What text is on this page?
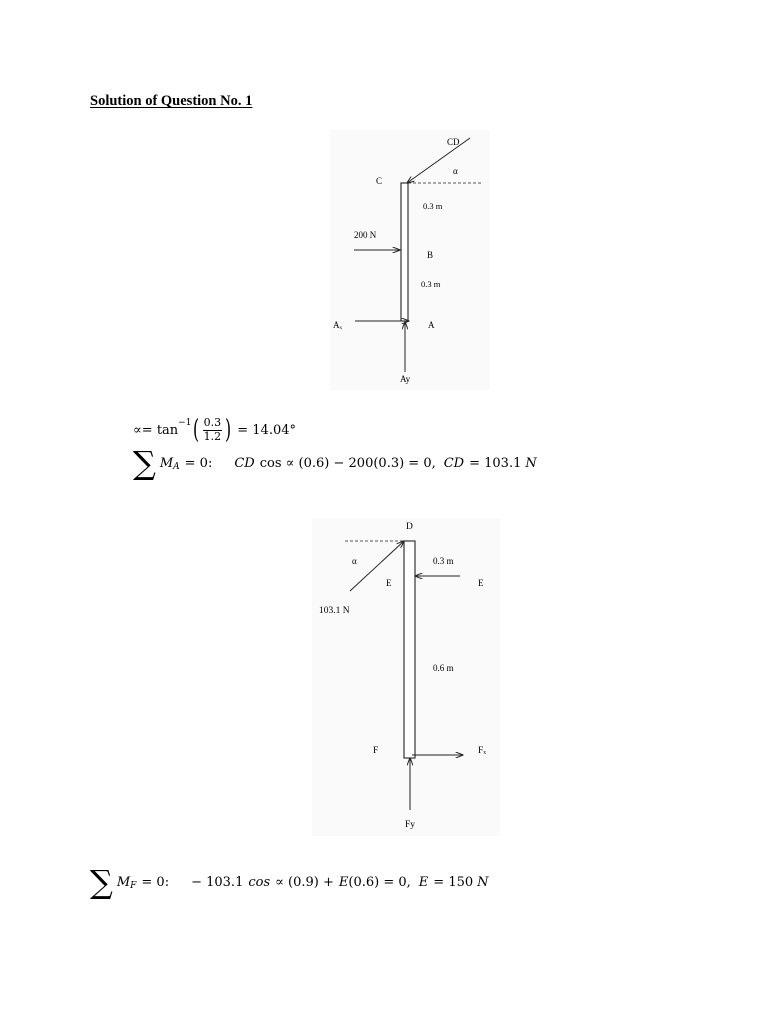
Solution of Question No. 1
CD
α
C
0.3 m
200 N
B
0.3 m
Aₓ	A
Ay
∝= $\tan^{-1}$ ( $\frac{0.3}{1.2}$ ) = 14.04°
∑ $M_A = 0$: CD cos ∝ (0.6) − 200(0.3) = 0, CD = 103.1 N
D
α	0.3 m
E	E
103.1 N
0.6 m
F	Fₓ
Fy
∑ $M_F = 0$: − 103.1 cos ∝ (0.9) + E (0.6) = 0, E = 150 N
